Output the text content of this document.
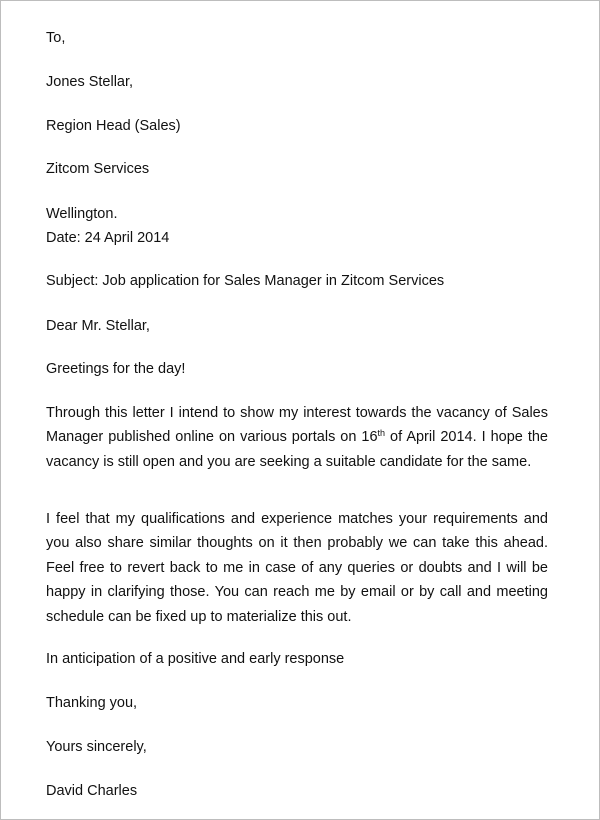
To,
Jones Stellar,
Region Head (Sales)
Zitcom Services
Wellington.
Date: 24 April 2014
Subject: Job application for Sales Manager in Zitcom Services
Dear Mr. Stellar,
Greetings for the day!
Through this letter I intend to show my interest towards the vacancy of Sales Manager published online on various portals on 16th of April 2014. I hope the vacancy is still open and you are seeking a suitable candidate for the same.
I feel that my qualifications and experience matches your requirements and you also share similar thoughts on it then probably we can take this ahead. Feel free to revert back to me in case of any queries or doubts and I will be happy in clarifying those. You can reach me by email or by call and meeting schedule can be fixed up to materialize this out.
In anticipation of a positive and early response
Thanking you,
Yours sincerely,
David Charles
